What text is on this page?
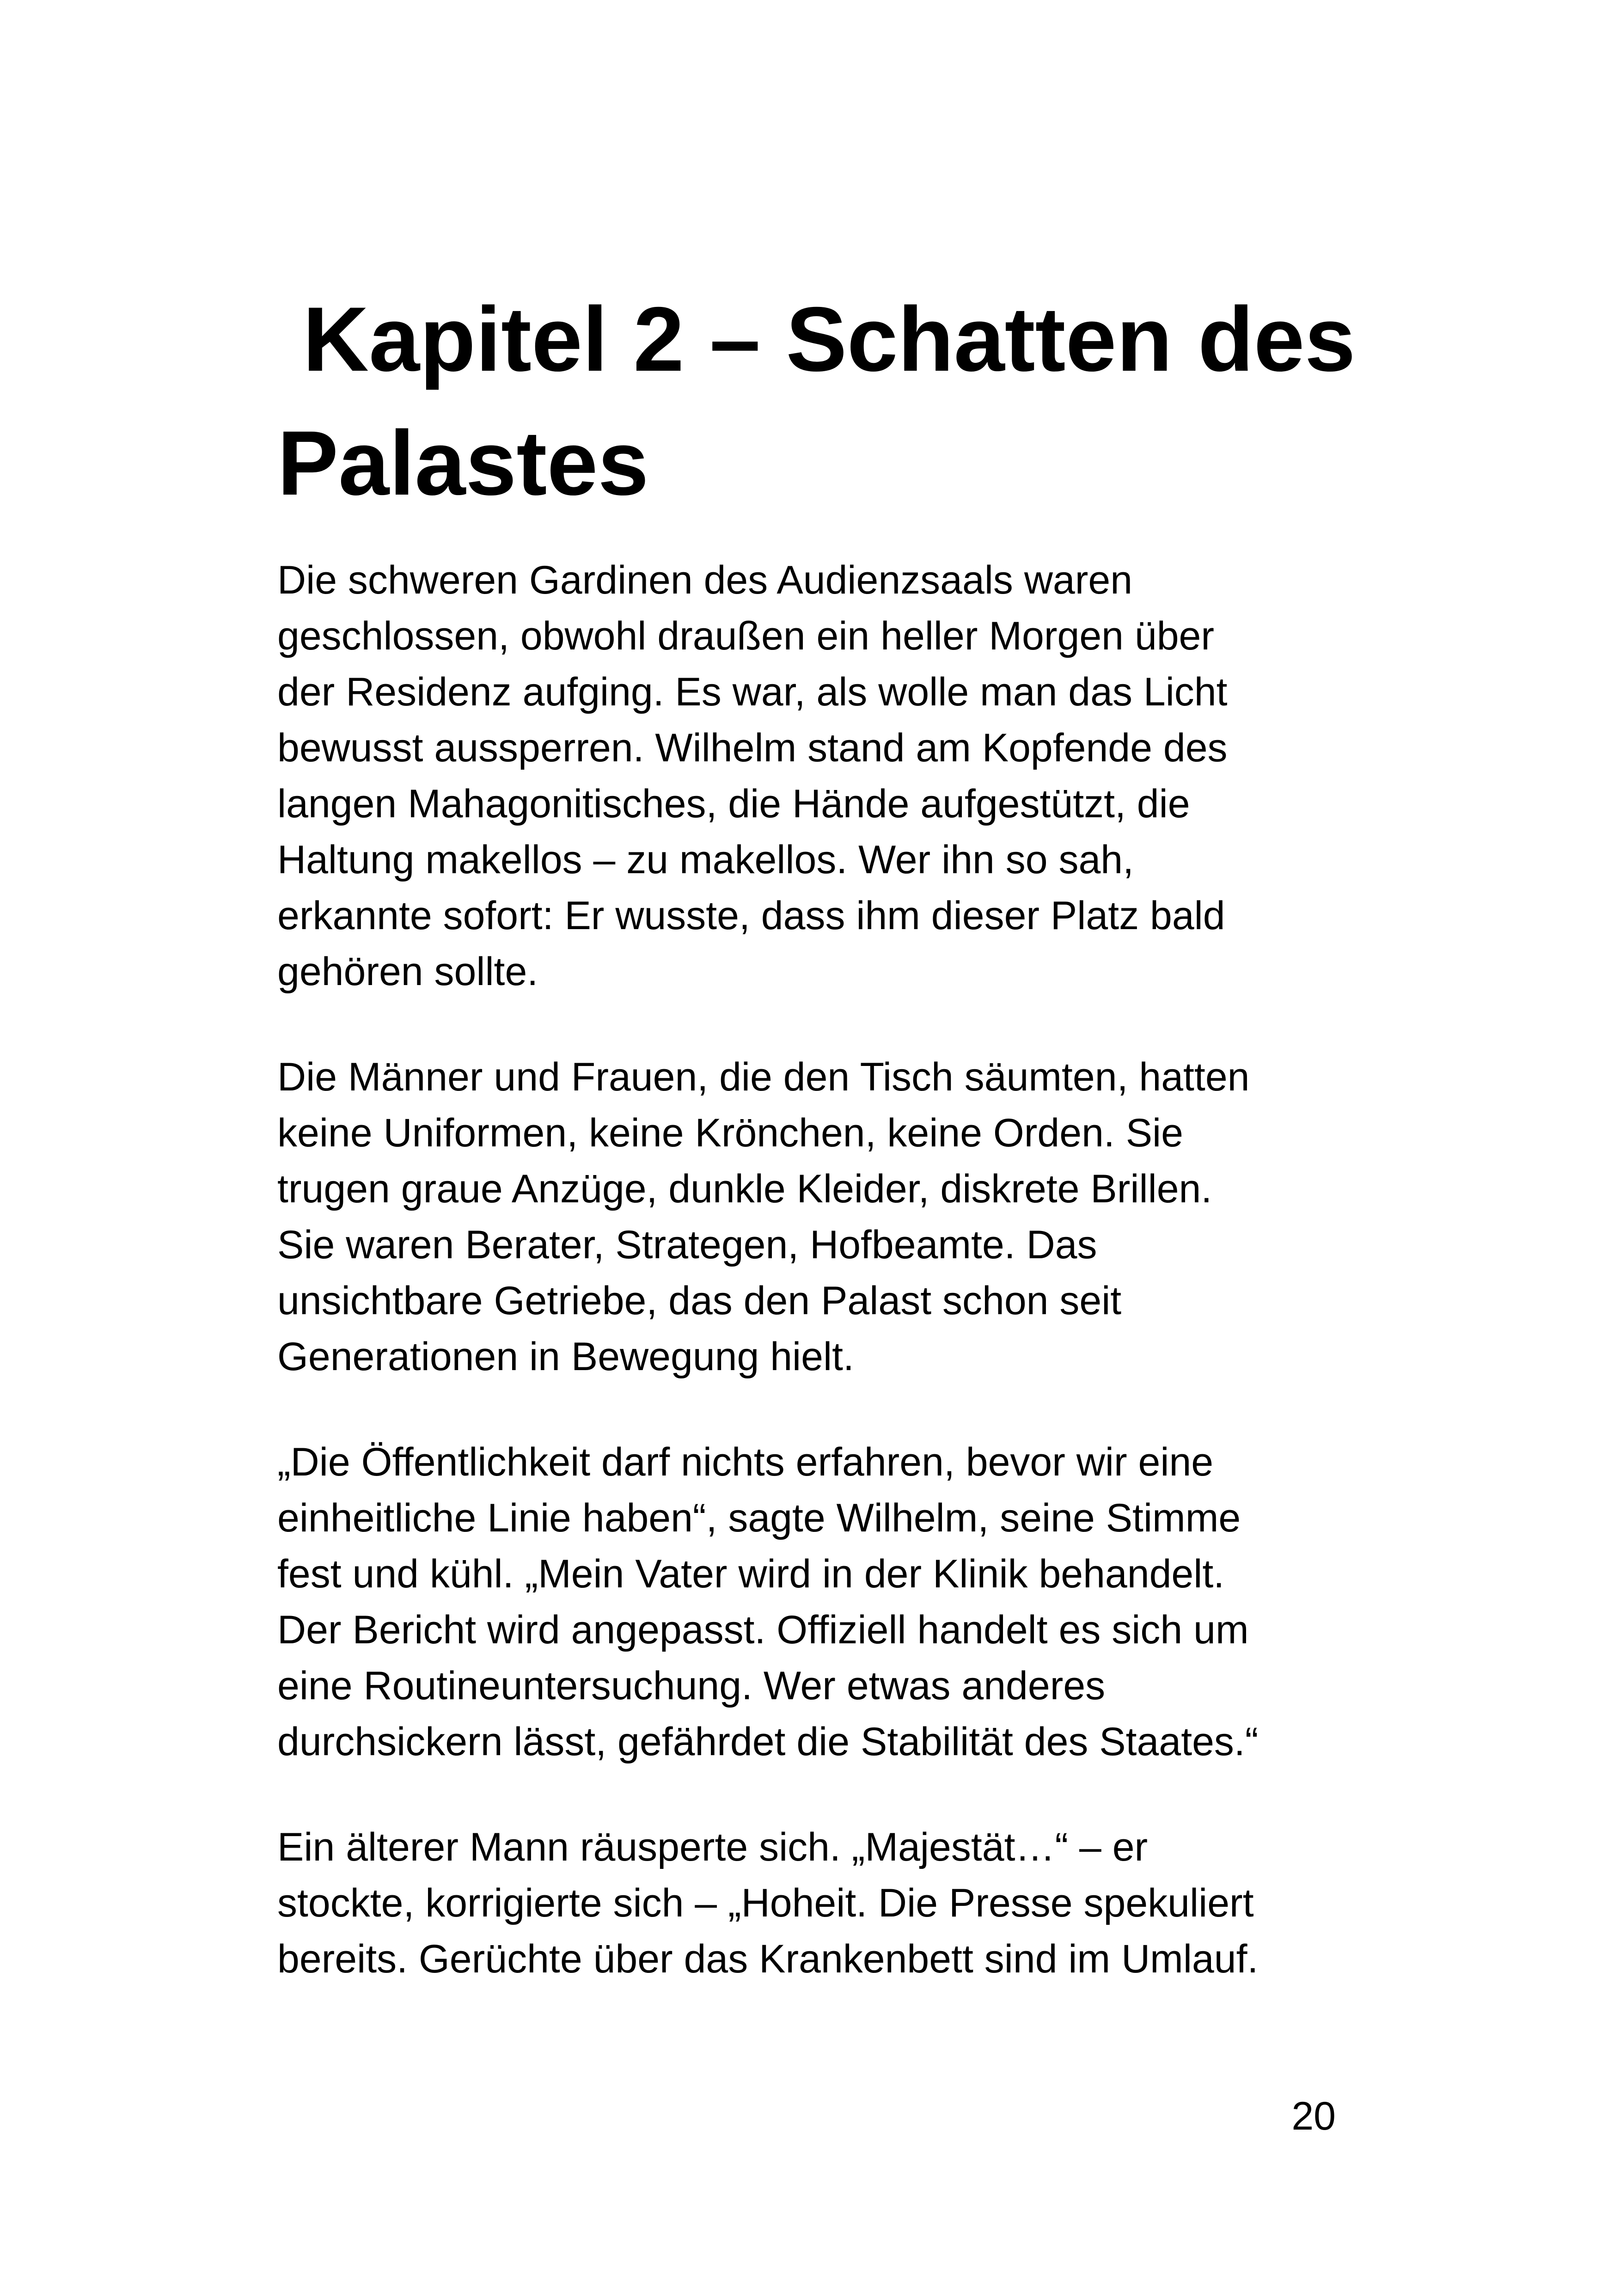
Kapitel 2 – Schatten des
Palastes

Die schweren Gardinen des Audienzsaals waren
geschlossen, obwohl draußen ein heller Morgen über
der Residenz aufging. Es war, als wolle man das Licht
bewusst aussperren. Wilhelm stand am Kopfende des
langen Mahagonitisches, die Hände aufgestützt, die
Haltung makellos – zu makellos. Wer ihn so sah,
erkannte sofort: Er wusste, dass ihm dieser Platz bald
gehören sollte.

Die Männer und Frauen, die den Tisch säumten, hatten
keine Uniformen, keine Krönchen, keine Orden. Sie
trugen graue Anzüge, dunkle Kleider, diskrete Brillen.
Sie waren Berater, Strategen, Hofbeamte. Das
unsichtbare Getriebe, das den Palast schon seit
Generationen in Bewegung hielt.

„Die Öffentlichkeit darf nichts erfahren, bevor wir eine
einheitliche Linie haben“, sagte Wilhelm, seine Stimme
fest und kühl. „Mein Vater wird in der Klinik behandelt.
Der Bericht wird angepasst. Offiziell handelt es sich um
eine Routineuntersuchung. Wer etwas anderes
durchsickern lässt, gefährdet die Stabilität des Staates.“

Ein älterer Mann räusperte sich. „Majestät…“ – er
stockte, korrigierte sich – „Hoheit. Die Presse spekuliert
bereits. Gerüchte über das Krankenbett sind im Umlauf.

20
